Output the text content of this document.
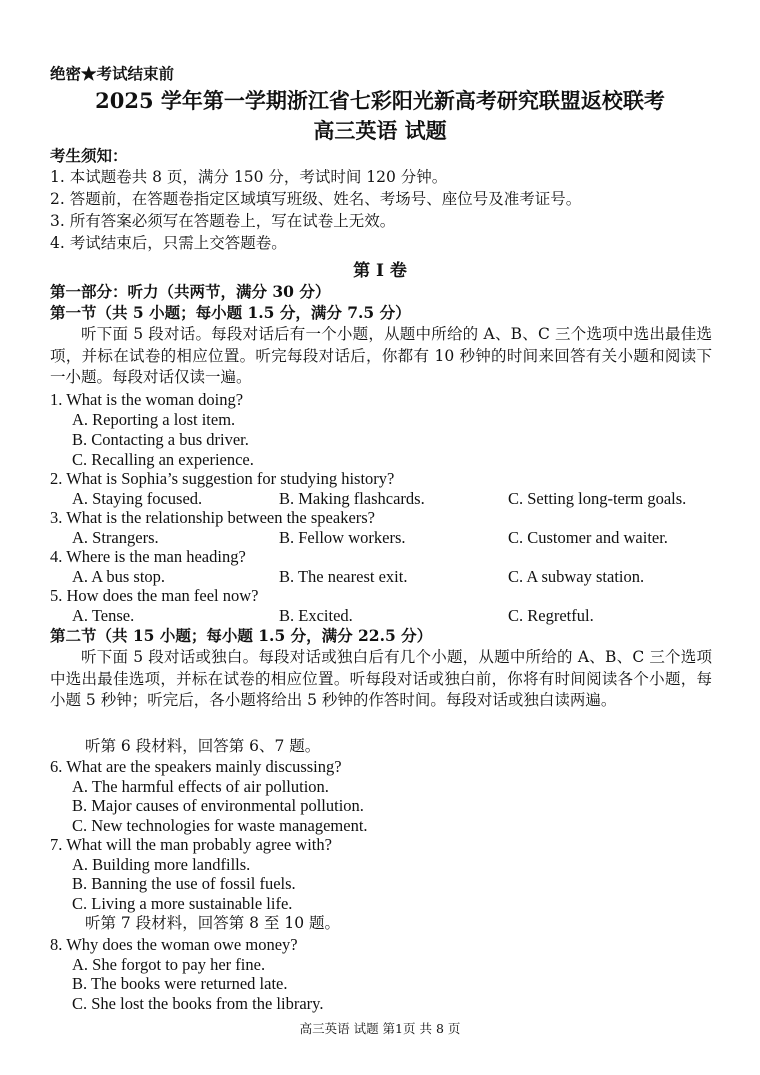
绝密★考试结束前
2025 学年第一学期浙江省七彩阳光新高考研究联盟返校联考
高三英语 试题
考生须知：
1. 本试题卷共 8 页，满分 150 分，考试时间 120 分钟。
2. 答题前，在答题卷指定区域填写班级、姓名、考场号、座位号及准考证号。
3. 所有答案必须写在答题卷上，写在试卷上无效。
4. 考试结束后，只需上交答题卷。
第 I 卷
第一部分：听力（共两节，满分 30 分）
第一节（共 5 小题；每小题 1.5 分，满分 7.5 分）
听下面 5 段对话。每段对话后有一个小题，从题中所给的 A、B、C 三个选项中选出最佳选项，并标在试卷的相应位置。听完每段对话后，你都有 10 秒钟的时间来回答有关小题和阅读下一小题。每段对话仅读一遍。
1. What is the woman doing?
A. Reporting a lost item.
B. Contacting a bus driver.
C. Recalling an experience.
2. What is Sophia’s suggestion for studying history?
A. Staying focused.	B. Making flashcards.	C. Setting long-term goals.
3. What is the relationship between the speakers?
A. Strangers.	B. Fellow workers.	C. Customer and waiter.
4. Where is the man heading?
A. A bus stop.	B. The nearest exit.	C. A subway station.
5. How does the man feel now?
A. Tense.	B. Excited.	C. Regretful.
第二节（共 15 小题；每小题 1.5 分，满分 22.5 分）
听下面 5 段对话或独白。每段对话或独白后有几个小题，从题中所给的 A、B、C 三个选项中选出最佳选项，并标在试卷的相应位置。听每段对话或独白前，你将有时间阅读各个小题，每小题 5 秒钟；听完后，各小题将给出 5 秒钟的作答时间。每段对话或独白读两遍。
听第 6 段材料，回答第 6、7 题。
6. What are the speakers mainly discussing?
A. The harmful effects of air pollution.
B. Major causes of environmental pollution.
C. New technologies for waste management.
7. What will the man probably agree with?
A. Building more landfills.
B. Banning the use of fossil fuels.
C. Living a more sustainable life.
听第 7 段材料，回答第 8 至 10 题。
8. Why does the woman owe money?
A. She forgot to pay her fine.
B. The books were returned late.
C. She lost the books from the library.
高三英语 试题 第1页 共 8 页
